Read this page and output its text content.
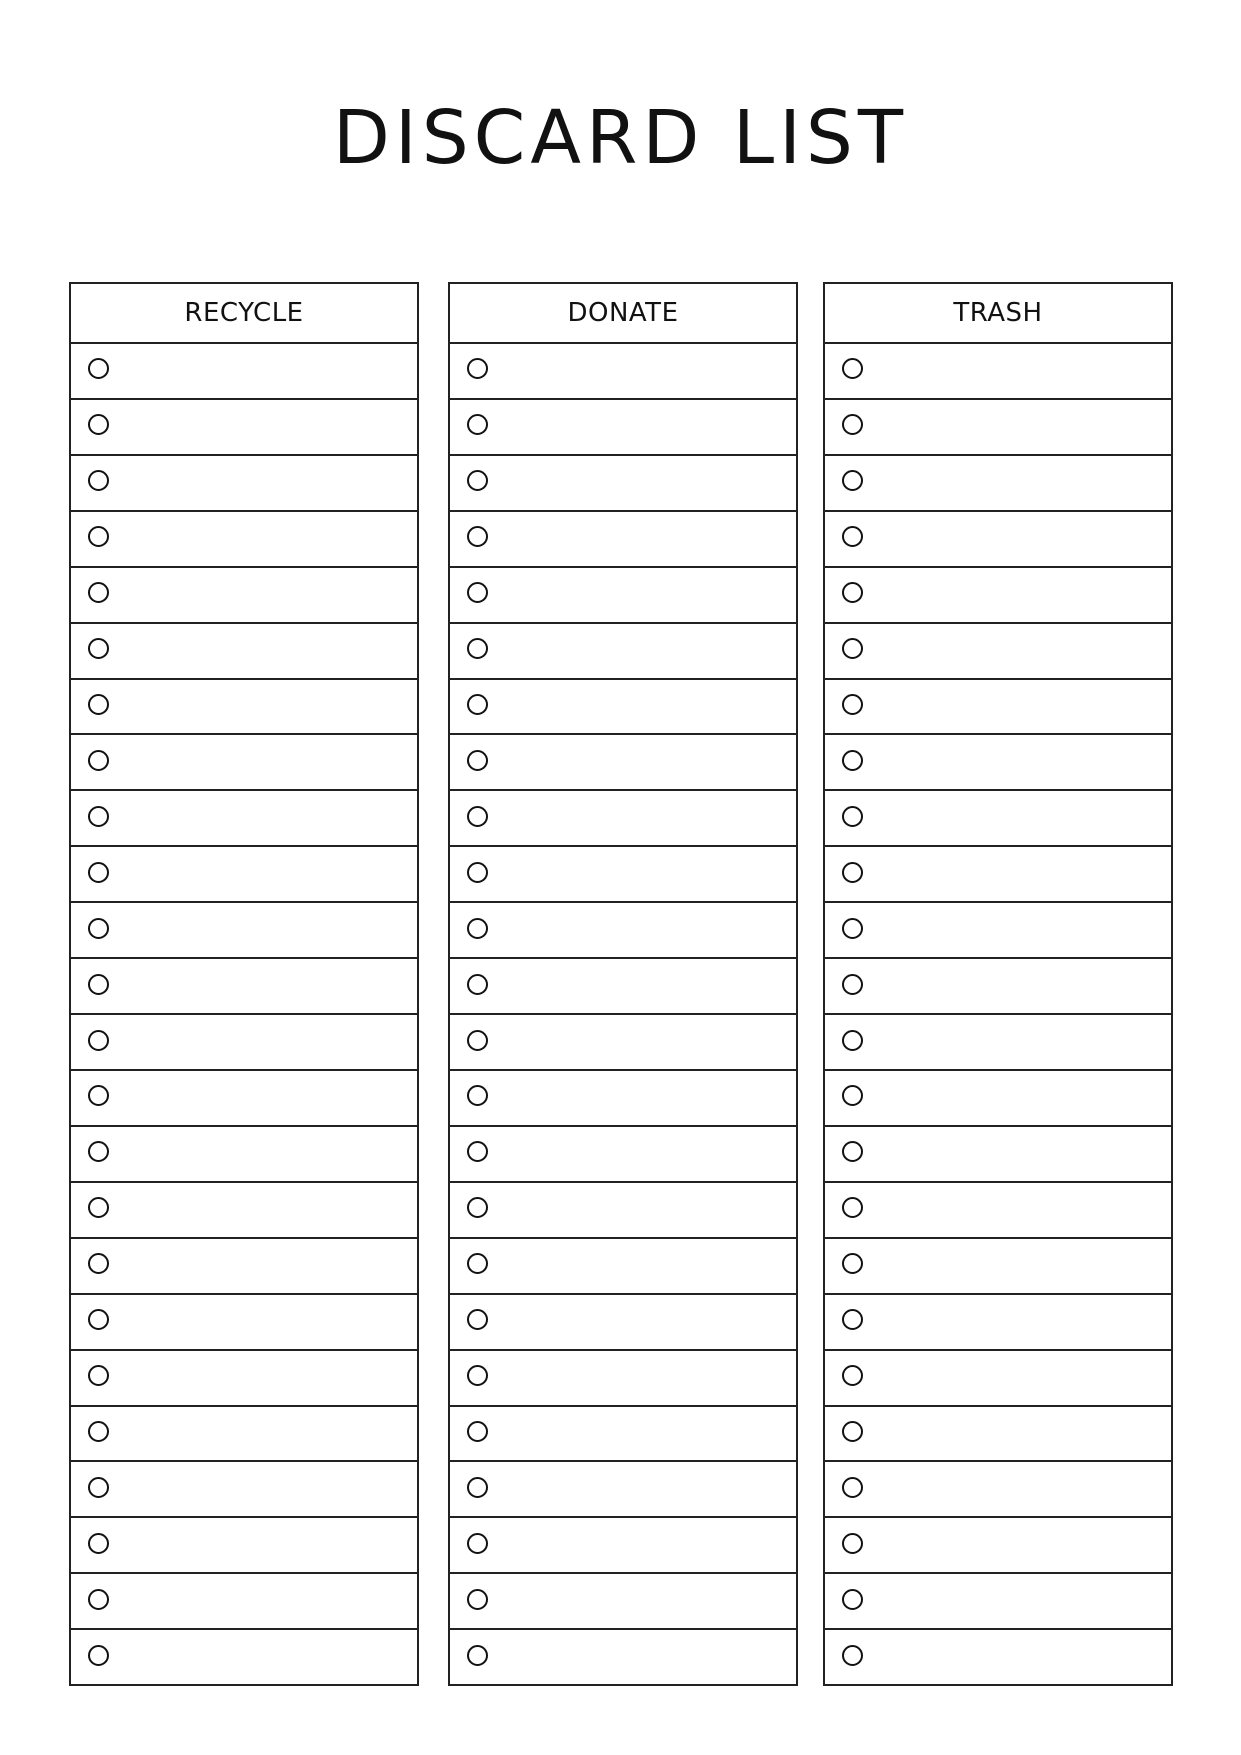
DISCARD LIST
RECYCLE	DONATE	TRASH
